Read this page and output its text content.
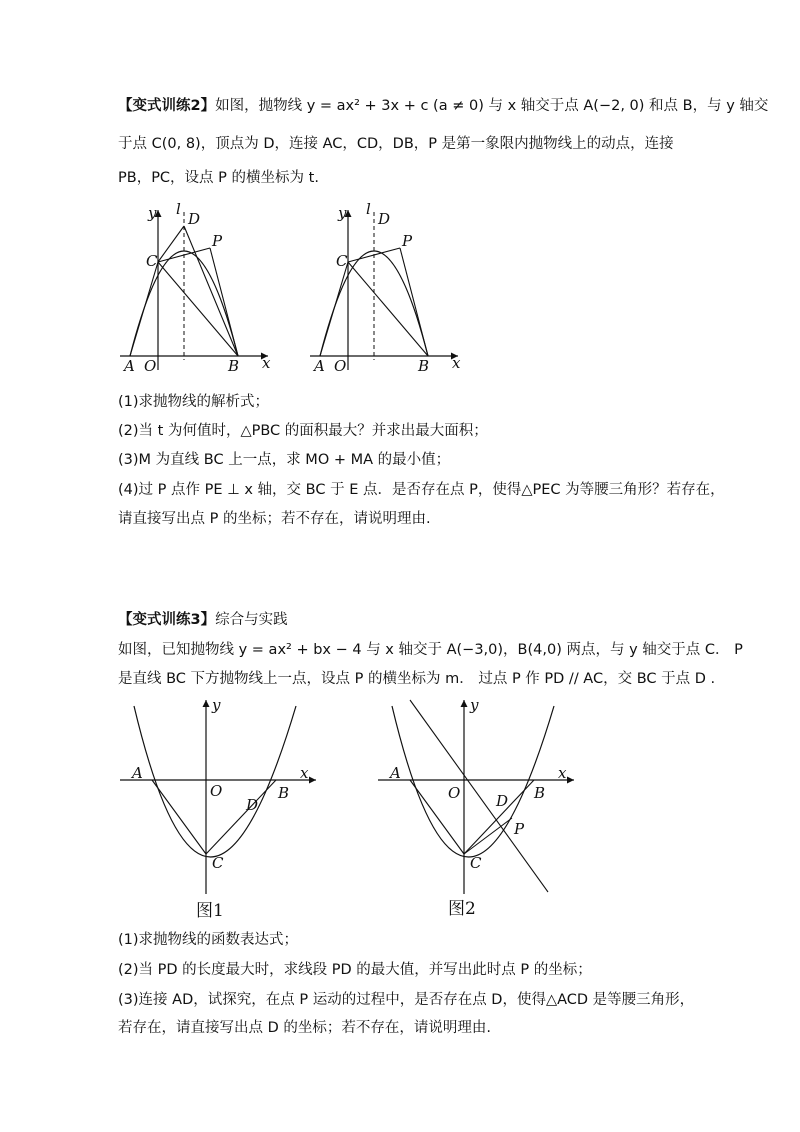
【变式训练2】如图，抛物线 y = ax² + 3x + c (a ≠ 0) 与 x 轴交于点 A(−2, 0) 和点 B，与 y 轴交
于点 C(0, 8)，顶点为 D，连接 AC，CD，DB，P 是第一象限内抛物线上的动点，连接
PB，PC，设点 P 的横坐标为 t.
y l
D
P
C
A O	B x
y l
D
P
C
A O	B x
(1)求抛物线的解析式；
(2)当 t 为何值时，△PBC 的面积最大？并求出最大面积；
(3)M 为直线 BC 上一点，求 MO + MA 的最小值；
(4)过 P 点作 PE ⊥ x 轴，交 BC 于 E 点．是否存在点 P，使得△PEC 为等腰三角形？若存在，
请直接写出点 P 的坐标；若不存在，请说明理由.
【变式训练3】综合与实践
如图，已知抛物线 y = ax² + bx − 4 与 x 轴交于 A(−3,0)，B(4,0) 两点，与 y 轴交于点 C． P
是直线 BC 下方抛物线上一点，设点 P 的横坐标为 m． 过点 P 作 PD // AC，交 BC 于点 D .
y
x
A
O
D
B
C
图1
y
x
A
O D B
P
C
图2
(1)求抛物线的函数表达式；
(2)当 PD 的长度最大时，求线段 PD 的最大值，并写出此时点 P 的坐标；
(3)连接 AD，试探究，在点 P 运动的过程中，是否存在点 D，使得△ACD 是等腰三角形，
若存在，请直接写出点 D 的坐标；若不存在，请说明理由.
